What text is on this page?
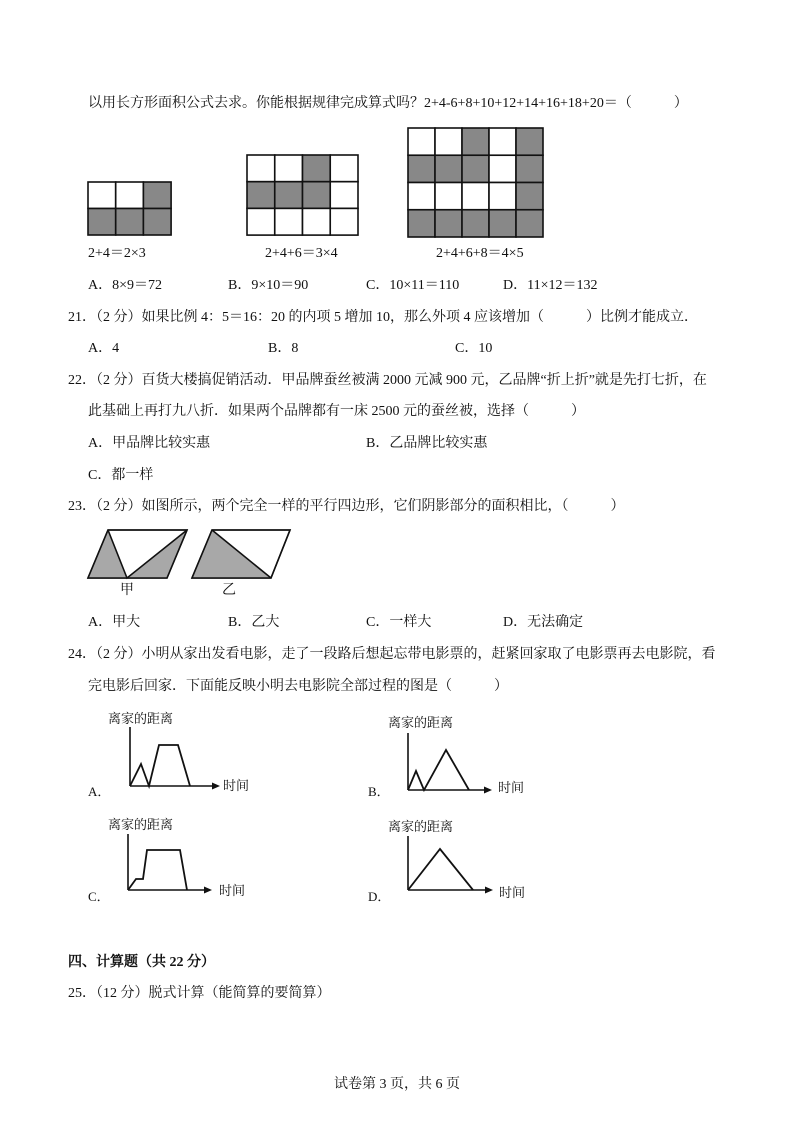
以用长方形面积公式去求。你能根据规律完成算式吗？2+4-6+8+10+12+14+16+18+20＝（　　　）
2+4＝2×3	2+4+6＝3×4	2+4+6+8＝4×5
A．8×9＝72	B．9×10＝90	C．10×11＝110	D．11×12＝132
21．（2 分）如果比例 4：5＝16：20 的内项 5 增加 10，那么外项 4 应该增加（　　　）比例才能成立．
A．4	B．8	C．10
22．（2 分）百货大楼搞促销活动．甲品牌蚕丝被满 2000 元减 900 元，乙品牌“折上折”就是先打七折，在
此基础上再打九八折．如果两个品牌都有一床 2500 元的蚕丝被，选择（　　　）
A．甲品牌比较实惠	B．乙品牌比较实惠
C．都一样
23．（2 分）如图所示，两个完全一样的平行四边形，它们阴影部分的面积相比，（　　　）
甲	乙
A．甲大	B．乙大	C．一样大	D．无法确定
24．（2 分）小明从家出发看电影，走了一段路后想起忘带电影票的，赶紧回家取了电影票再去电影院，看
完电影后回家．下面能反映小明去电影院全部过程的图是（　　　）
离家的距离
时间
A．
离家的距离
时间
B．
离家的距离
时间
C．
离家的距离
时间
D．
四、计算题（共 22 分）
25．（12 分）脱式计算（能简算的要简算）
试卷第 3 页，共 6 页
